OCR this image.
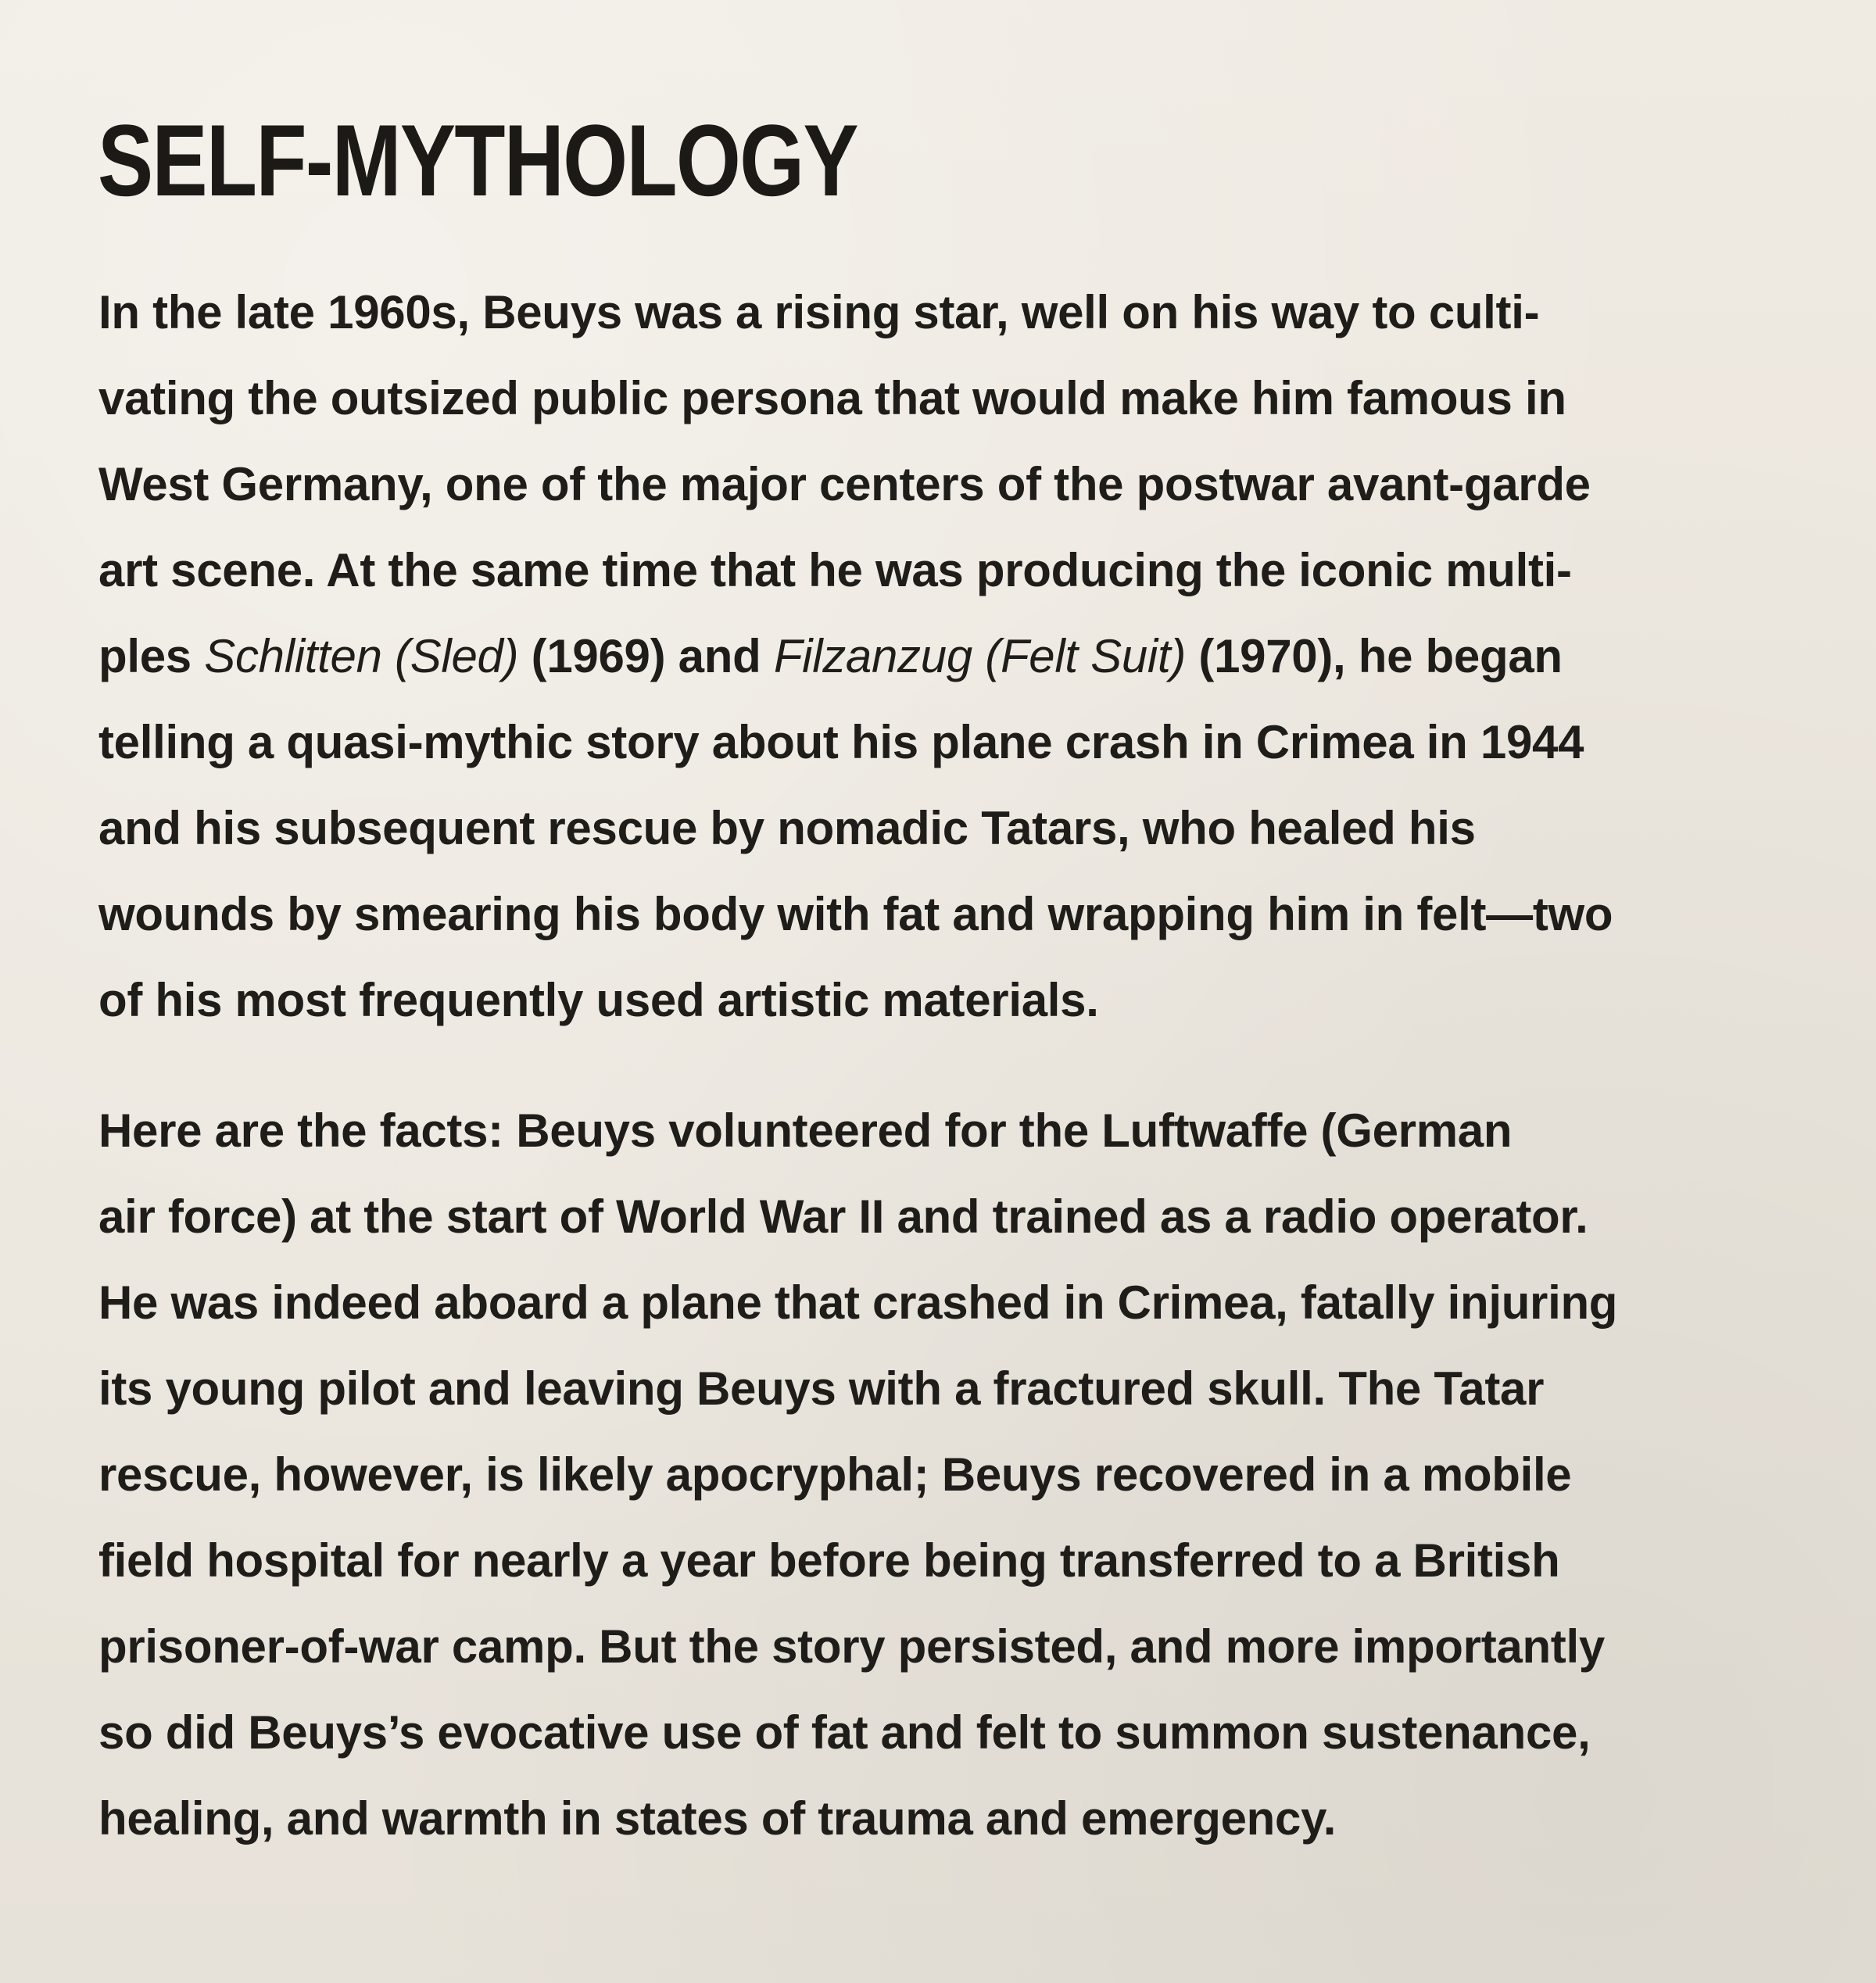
SELF-MYTHOLOGY
In the late 1960s, Beuys was a rising star, well on his way to culti-
vating the outsized public persona that would make him famous in
West Germany, one of the major centers of the postwar avant-garde
art scene. At the same time that he was producing the iconic multi-
ples Schlitten (Sled) (1969) and Filzanzug (Felt Suit) (1970), he began
telling a quasi-mythic story about his plane crash in Crimea in 1944
and his subsequent rescue by nomadic Tatars, who healed his
wounds by smearing his body with fat and wrapping him in felt—two
of his most frequently used artistic materials.
Here are the facts: Beuys volunteered for the Luftwaffe (German
air force) at the start of World War II and trained as a radio operator.
He was indeed aboard a plane that crashed in Crimea, fatally injuring
its young pilot and leaving Beuys with a fractured skull. The Tatar
rescue, however, is likely apocryphal; Beuys recovered in a mobile
field hospital for nearly a year before being transferred to a British
prisoner-of-war camp. But the story persisted, and more importantly
so did Beuys’s evocative use of fat and felt to summon sustenance,
healing, and warmth in states of trauma and emergency.
